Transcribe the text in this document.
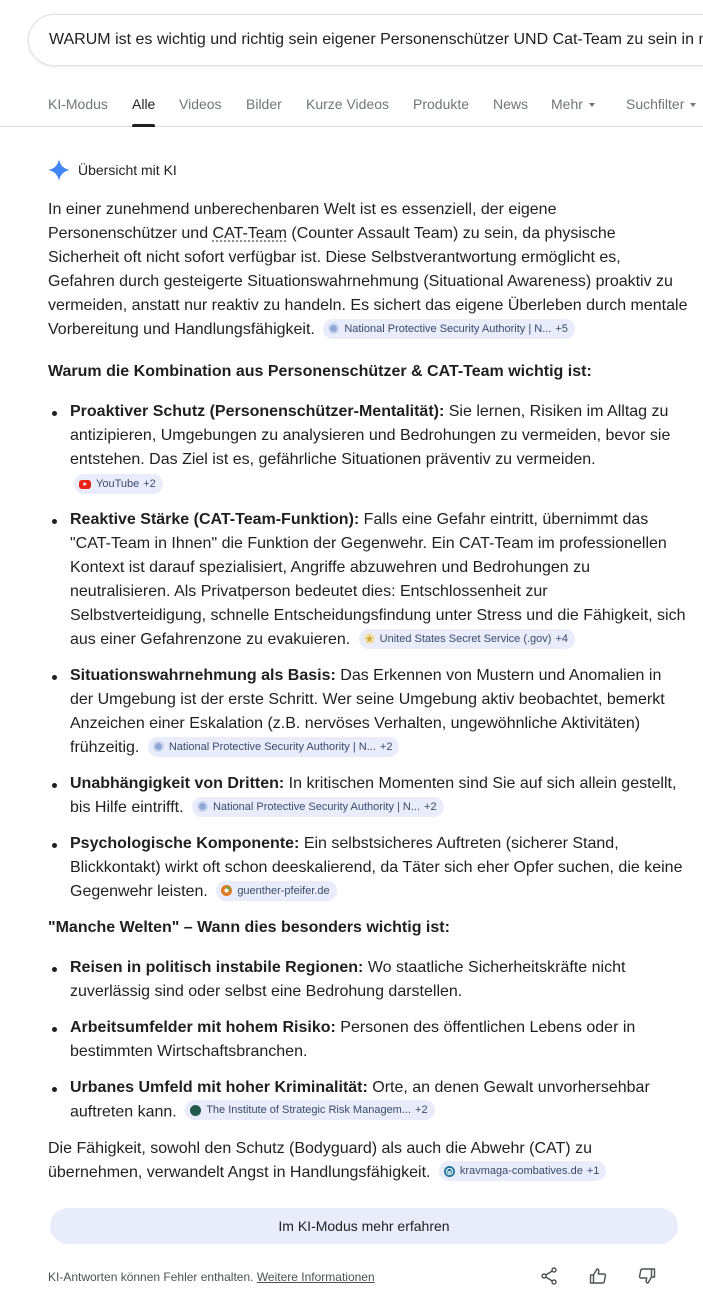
WARUM ist es wichtig und richtig sein eigener Personenschützer UND Cat-Team zu sein in manchen Welten?
KI-Modus Alle Videos Bilder Kurze Videos Produkte News Mehr	Suchfilter
Übersicht mit KI

In einer zunehmend unberechenbaren Welt ist es essenziell, der eigene Personenschützer und CAT-Team (Counter Assault Team) zu sein, da physische Sicherheit oft nicht sofort verfügbar ist. Diese Selbstverantwortung ermöglicht es, Gefahren durch gesteigerte Situationswahrnehmung (Situational Awareness) proaktiv zu vermeiden, anstatt nur reaktiv zu handeln. Es sichert das eigene Überleben durch mentale Vorbereitung und Handlungsfähigkeit.	National Protective Security Authority | N... +5

Warum die Kombination aus Personenschützer & CAT-Team wichtig ist:
Proaktiver Schutz (Personenschützer-Mentalität): Sie lernen, Risiken im Alltag zu antizipieren, Umgebungen zu analysieren und Bedrohungen zu vermeiden, bevor sie entstehen. Das Ziel ist es, gefährliche Situationen präventiv zu vermeiden.
YouTube +2
Reaktive Stärke (CAT-Team-Funktion): Falls eine Gefahr eintritt, übernimmt das "CAT-Team in Ihnen" die Funktion der Gegenwehr. Ein CAT-Team im professionellen Kontext ist darauf spezialisiert, Angriffe abzuwehren und Bedrohungen zu neutralisieren. Als Privatperson bedeutet dies: Entschlossenheit zur Selbstverteidigung, schnelle Entscheidungsfindung unter Stress und die Fähigkeit, sich aus einer Gefahrenzone zu evakuieren.	United States Secret Service (.gov) +4
Situationswahrnehmung als Basis: Das Erkennen von Mustern und Anomalien in der Umgebung ist der erste Schritt. Wer seine Umgebung aktiv beobachtet, bemerkt Anzeichen einer Eskalation (z.B. nervöses Verhalten, ungewöhnliche Aktivitäten) frühzeitig.	National Protective Security Authority | N... +2
Unabhängigkeit von Dritten: In kritischen Momenten sind Sie auf sich allein gestellt, bis Hilfe eintrifft.	National Protective Security Authority | N... +2
Psychologische Komponente: Ein selbstsicheres Auftreten (sicherer Stand, Blickkontakt) wirkt oft schon deeskalierend, da Täter sich eher Opfer suchen, die keine Gegenwehr leisten.	guenther-pfeifer.de
"Manche Welten" – Wann dies besonders wichtig ist:
Reisen in politisch instabile Regionen: Wo staatliche Sicherheitskräfte nicht zuverlässig sind oder selbst eine Bedrohung darstellen.
Arbeitsumfelder mit hohem Risiko: Personen des öffentlichen Lebens oder in bestimmten Wirtschaftsbranchen.
Urbanes Umfeld mit hoher Kriminalität: Orte, an denen Gewalt unvorhersehbar auftreten kann.	The Institute of Strategic Risk Managem... +2

Die Fähigkeit, sowohl den Schutz (Bodyguard) als auch die Abwehr (CAT) zu übernehmen, verwandelt Angst in Handlungsfähigkeit.	kravmaga-combatives.de +1

Im KI-Modus mehr erfahren
KI-Antworten können Fehler enthalten. Weitere Informationen
